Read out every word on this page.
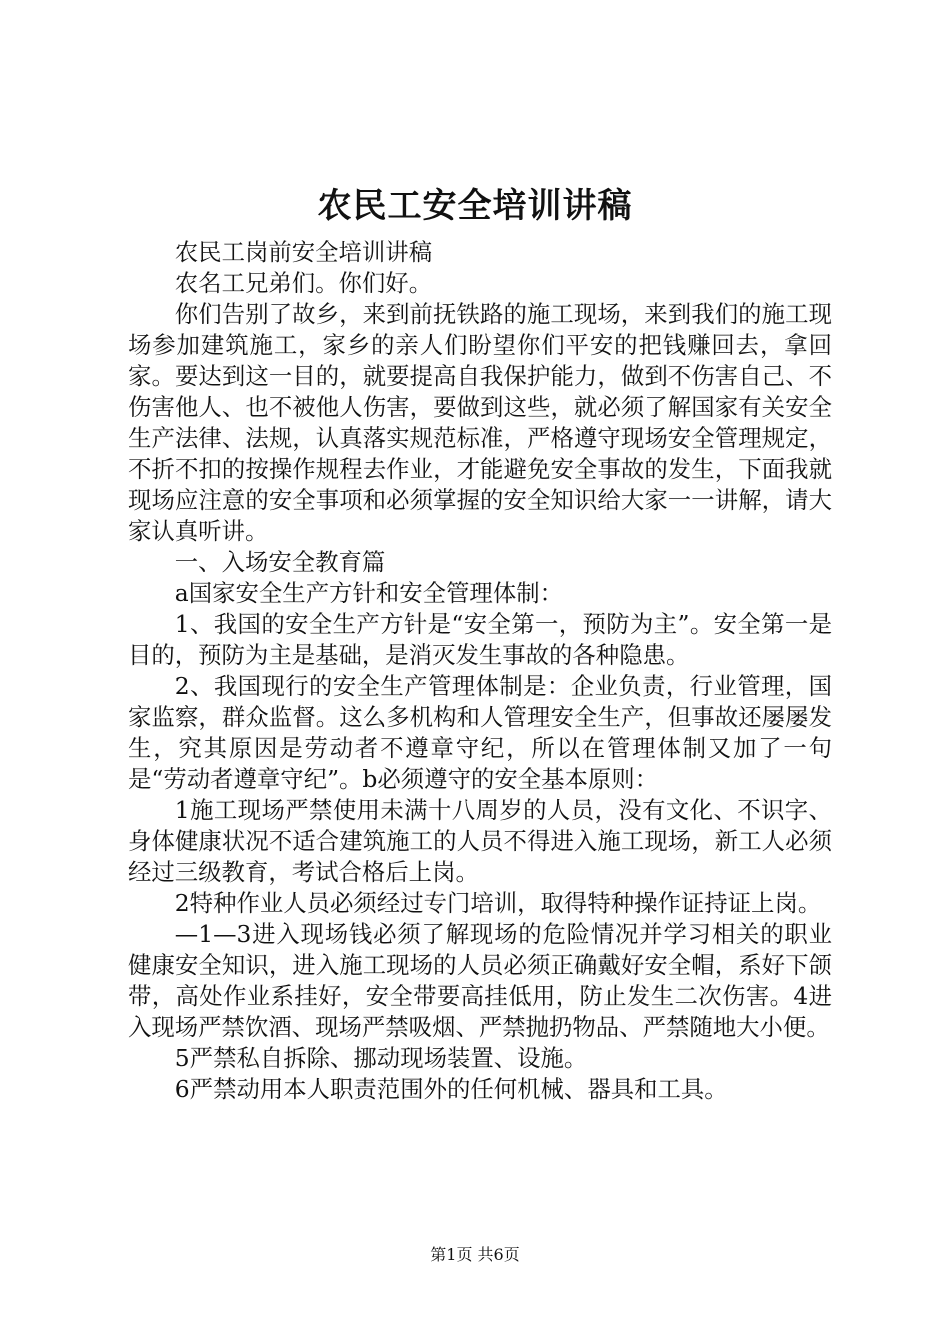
农民工安全培训讲稿

农民工岗前安全培训讲稿

农名工兄弟们。你们好。

你们告别了故乡，来到前抚铁路的施工现场，来到我们的施工现场参加建筑施工，家乡的亲人们盼望你们平安的把钱赚回去，拿回家。要达到这一目的，就要提高自我保护能力，做到不伤害自己、不伤害他人、也不被他人伤害，要做到这些，就必须了解国家有关安全生产法律、法规，认真落实规范标准，严格遵守现场安全管理规定，不折不扣的按操作规程去作业，才能避免安全事故的发生，下面我就现场应注意的安全事项和必须掌握的安全知识给大家一一讲解，请大家认真听讲。

一、入场安全教育篇

a国家安全生产方针和安全管理体制：

1、我国的安全生产方针是“安全第一，预防为主”。安全第一是目的，预防为主是基础，是消灭发生事故的各种隐患。

2、我国现行的安全生产管理体制是：企业负责，行业管理，国家监察，群众监督。这么多机构和人管理安全生产，但事故还屡屡发生，究其原因是劳动者不遵章守纪，所以在管理体制又加了一句是“劳动者遵章守纪”。b必须遵守的安全基本原则：

1施工现场严禁使用未满十八周岁的人员，没有文化、不识字、身体健康状况不适合建筑施工的人员不得进入施工现场，新工人必须经过三级教育，考试合格后上岗。

2特种作业人员必须经过专门培训，取得特种操作证持证上岗。

—1—3进入现场钱必须了解现场的危险情况并学习相关的职业健康安全知识，进入施工现场的人员必须正确戴好安全帽，系好下颌带，高处作业系挂好，安全带要高挂低用，防止发生二次伤害。4进入现场严禁饮酒、现场严禁吸烟、严禁抛扔物品、严禁随地大小便。

5严禁私自拆除、挪动现场装置、设施。

6严禁动用本人职责范围外的任何机械、器具和工具。

第1页 共6页
